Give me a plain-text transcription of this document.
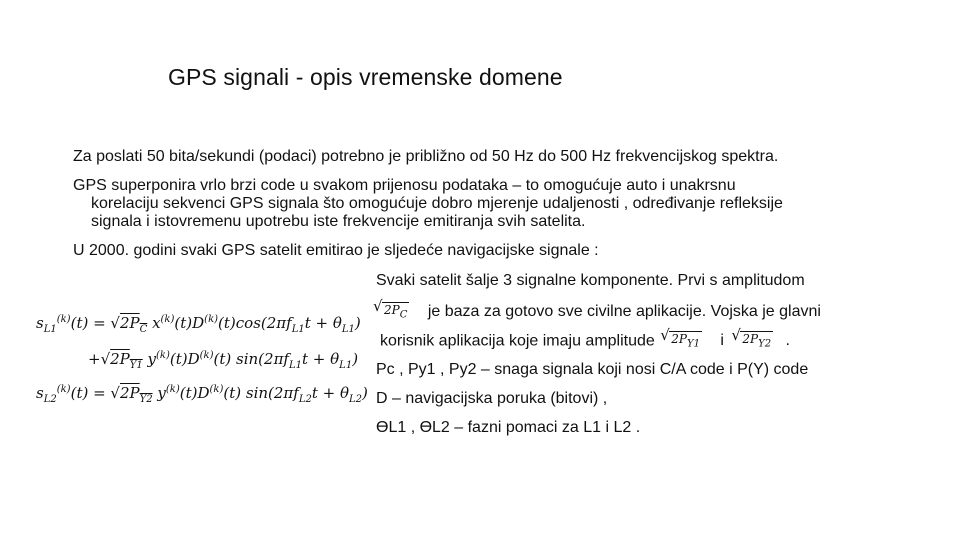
GPS signali - opis vremenske domene
Za poslati 50 bita/sekundi (podaci) potrebno je približno od 50 Hz do 500 Hz frekvencijskog spektra.
GPS superponira vrlo brzi code u svakom prijenosu podataka – to omogućuje auto i unakrsnu
korelaciju sekvenci GPS signala što omogućuje dobro mjerenje udaljenosti , određivanje refleksije
signala i istovremenu upotrebu iste frekvencije emitiranja svih satelita.
U 2000. godini svaki GPS satelit emitirao je sljedeće navigacijske signale :
$s_{L1}^{(k)}(t) = √2P_C$ $x^{(k)}(t)D^{(k)}(t)\cos(2\pi f_{L1}t + \theta_{L1})$
$+√2P_{Y1}$ $y^{(k)}(t)D^{(k)}(t) \sin(2\pi f_{L1}t + \theta_{L1})$
$s_{L2}^{(k)}(t) = √2P_{Y2}$ $y^{(k)}(t)D^{(k)}(t) \sin(2\pi f_{L2}t + \theta_{L2})$
Svaki satelit šalje 3 signalne komponente. Prvi s amplitudom
√ $2P_C$ je baza za gotovo sve civilne aplikacije. Vojska je glavni
korisnik aplikacija koje imaju amplitude √ $2P_{Y1}$ i √ $2P_{Y2}$ .
Pc , Py1 , Py2 – snaga signala koji nosi C/A code i P(Y) code
D – navigacijska poruka (bitovi) ,
ƟL1 , ƟL2 – fazni pomaci za L1 i L2 .
